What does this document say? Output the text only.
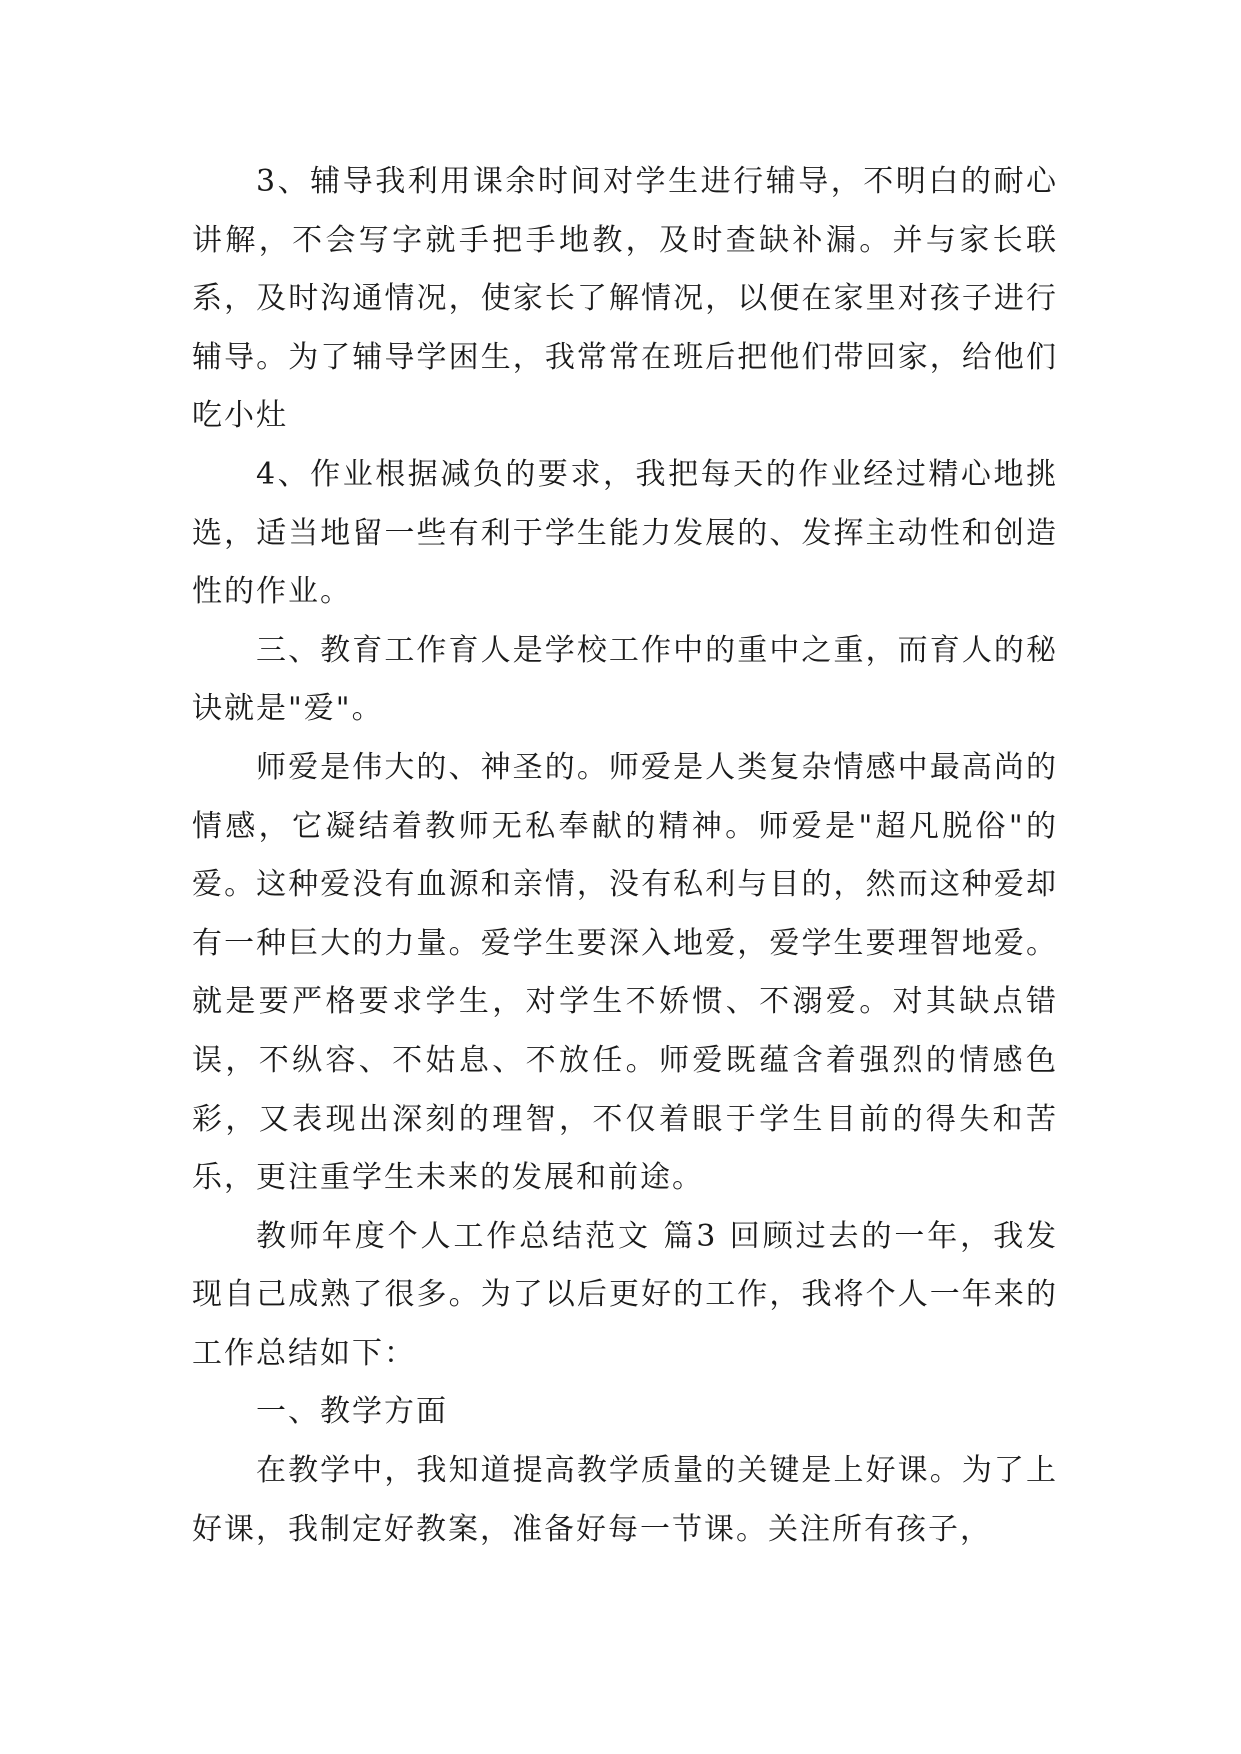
3、辅导我利用课余时间对学生进行辅导，不明白的耐心讲解，不会写字就手把手地教，及时查缺补漏。并与家长联系，及时沟通情况，使家长了解情况，以便在家里对孩子进行辅导。为了辅导学困生，我常常在班后把他们带回家，给他们吃小灶

4、作业根据减负的要求，我把每天的作业经过精心地挑选，适当地留一些有利于学生能力发展的、发挥主动性和创造性的作业。

三、教育工作育人是学校工作中的重中之重，而育人的秘诀就是"爱"。

师爱是伟大的、神圣的。师爱是人类复杂情感中最高尚的情感，它凝结着教师无私奉献的精神。师爱是"超凡脱俗"的爱。这种爱没有血源和亲情，没有私利与目的，然而这种爱却有一种巨大的力量。爱学生要深入地爱，爱学生要理智地爱。就是要严格要求学生，对学生不娇惯、不溺爱。对其缺点错误，不纵容、不姑息、不放任。师爱既蕴含着强烈的情感色彩，又表现出深刻的理智，不仅着眼于学生目前的得失和苦乐，更注重学生未来的发展和前途。

教师年度个人工作总结范文 篇3 回顾过去的一年，我发现自己成熟了很多。为了以后更好的工作，我将个人一年来的工作总结如下：

一、教学方面

在教学中，我知道提高教学质量的关键是上好课。为了上好课，我制定好教案，准备好每一节课。关注所有孩子，
